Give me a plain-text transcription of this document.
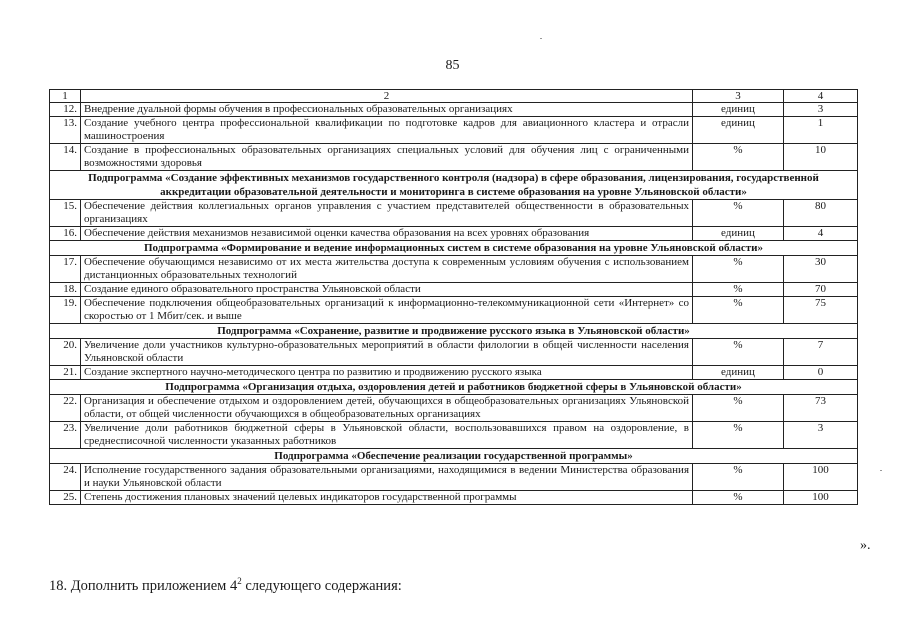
85
1	2	3	4
12.	Внедрение дуальной формы обучения в профессиональных образовательных организациях	единиц	3
13.	Создание учебного центра профессиональной квалификации по подготовке кадров для авиационного кластера и отрасли машиностроения	единиц	1
14.	Создание в профессиональных образовательных организациях специальных условий для обучения лиц с ограниченными возможностями здоровья	%	10
Подпрограмма «Создание эффективных механизмов государственного контроля (надзора) в сфере образования, лицензирования, государственной аккредитации образовательной деятельности и мониторинга в системе образования на уровне Ульяновской области»			
15.	Обеспечение действия коллегиальных органов управления с участием представителей общественности в образовательных организациях	%	80
16.	Обеспечение действия механизмов независимой оценки качества образования на всех уровнях образования	единиц	4
Подпрограмма «Формирование и ведение информационных систем в системе образования на уровне Ульяновской области»			
17.	Обеспечение обучающимся независимо от их места жительства доступа к современным условиям обучения с использованием дистанционных образовательных технологий	%	30
18.	Создание единого образовательного пространства Ульяновской области	%	70
19.	Обеспечение подключения общеобразовательных организаций к информационно-телекоммуникационной сети «Интернет» со скоростью от 1 Мбит/сек. и выше	%	75
Подпрограмма «Сохранение, развитие и продвижение русского языка в Ульяновской области»			
20.	Увеличение доли участников культурно-образовательных мероприятий в области филологии в общей численности населения Ульяновской области	%	7
21.	Создание экспертного научно-методического центра по развитию и продвижению русского языка	единиц	0
Подпрограмма «Организация отдыха, оздоровления детей и работников бюджетной сферы в Ульяновской области»			
22.	Организация и обеспечение отдыхом и оздоровлением детей, обучающихся в общеобразовательных организациях Ульяновской области, от общей численности обучающихся в общеобразовательных организациях	%	73
23.	Увеличение доли работников бюджетной сферы в Ульяновской области, воспользовавшихся правом на оздоровление, в среднесписочной численности указанных работников	%	3
Подпрограмма «Обеспечение реализации государственной программы»			
24.	Исполнение государственного задания образовательными организациями, находящимися в ведении Министерства образования и науки Ульяновской области	%	100
25.	Степень достижения плановых значений целевых индикаторов государственной программы	%	100
».
18. Дополнить приложением $4^2$ следующего содержания:
